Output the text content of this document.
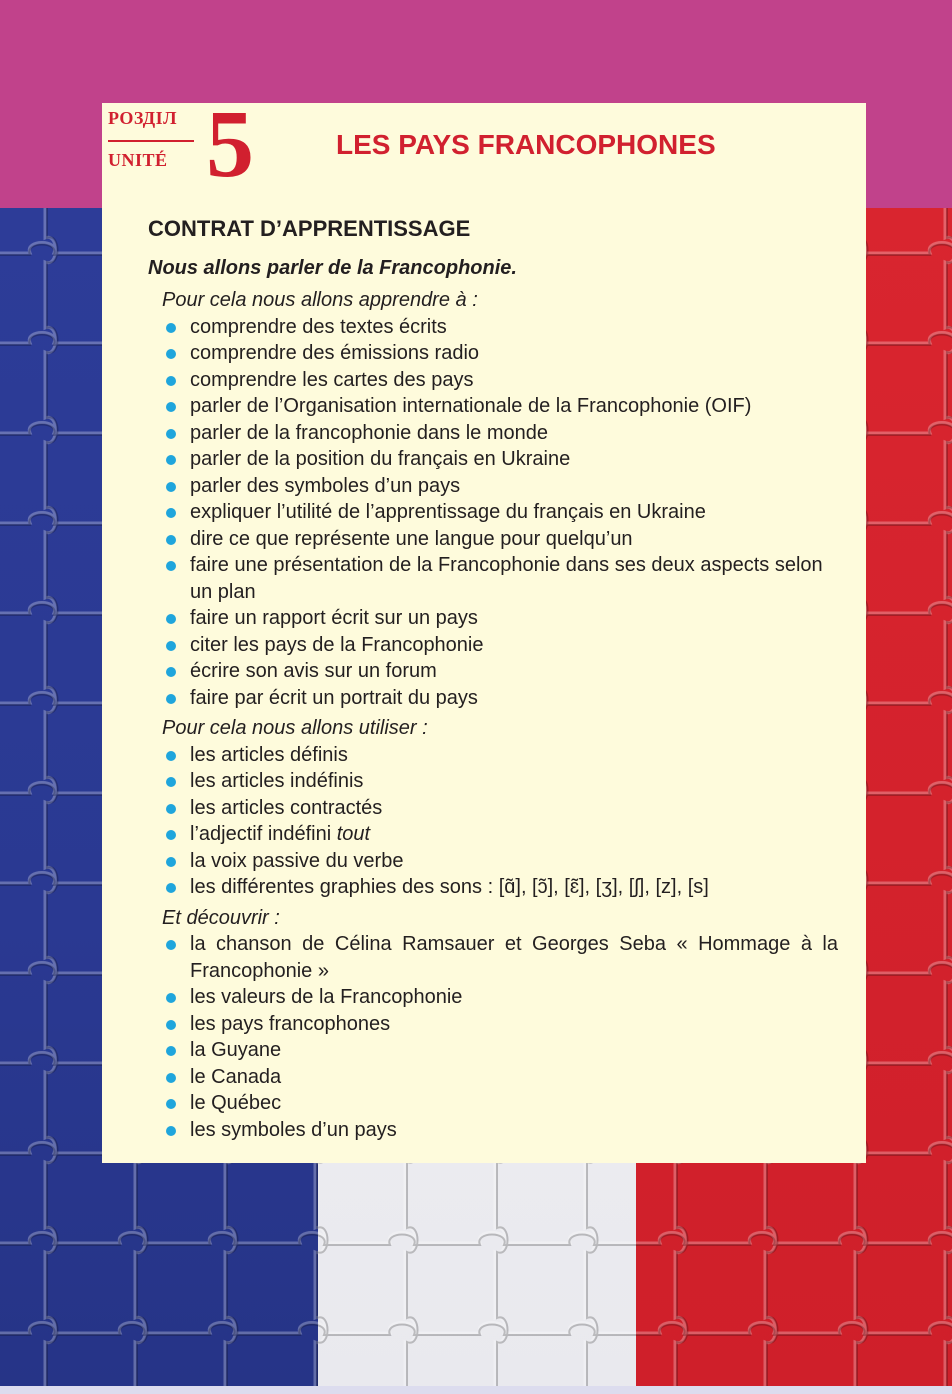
РОЗДІЛ
UNITÉ 5	LES PAYS FRANCOPHONES
CONTRAT D’APPRENTISSAGE
Nous allons parler de la Francophonie.
Pour cela nous allons apprendre à :
comprendre des textes écrits
comprendre des émissions radio
comprendre les cartes des pays
parler de l’Organisation internationale de la Francophonie (OIF)
parler de la francophonie dans le monde
parler de la position du français en Ukraine
parler des symboles d’un pays
expliquer l’utilité de l’apprentissage du français en Ukraine
dire ce que représente une langue pour quelqu’un
faire une présentation de la Francophonie dans ses deux aspects selon un plan
faire un rapport écrit sur un pays
citer les pays de la Francophonie
écrire son avis sur un forum
faire par écrit un portrait du pays
Pour cela nous allons utiliser :
les articles définis
les articles indéfinis
les articles contractés
l’adjectif indéfini tout
la voix passive du verbe
les différentes graphies des sons : [ɑ̃], [ɔ̃], [ɛ̃], [ʒ], [ʃ], [z], [s]
Et découvrir :
la chanson de Célina Ramsauer et Georges Seba « Hommage à la Francophonie »
les valeurs de la Francophonie
les pays francophones
la Guyane
le Canada
le Québec
les symboles d’un pays
